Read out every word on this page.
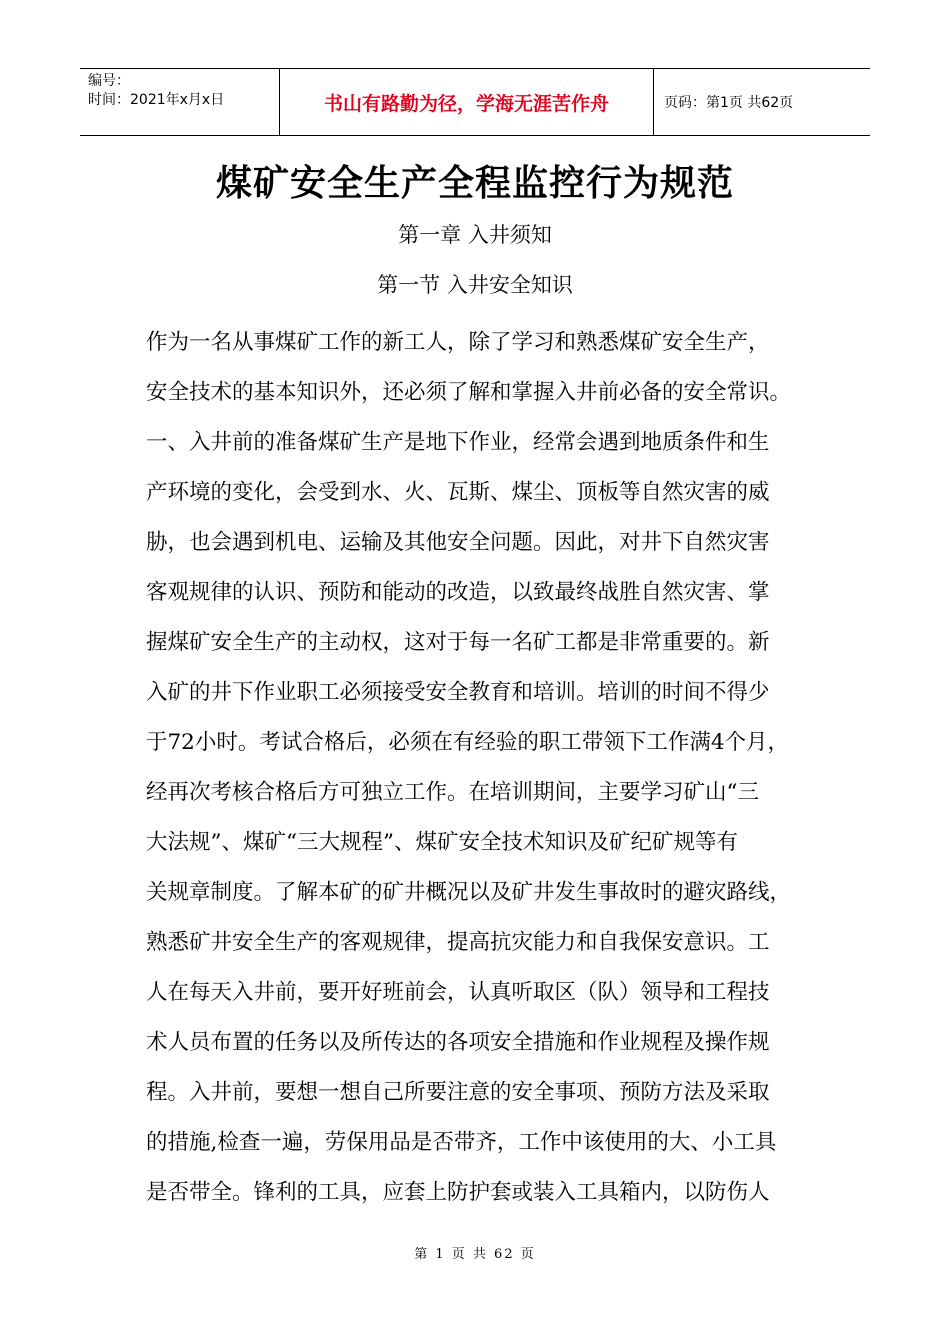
编号：
时间：2021年x月x日	书山有路勤为径，学海无涯苦作舟	页码：第1页 共62页
煤矿安全生产全程监控行为规范
第一章 入井须知
第一节 入井安全知识
作为一名从事煤矿工作的新工人，除了学习和熟悉煤矿安全生产，
安全技术的基本知识外，还必须了解和掌握入井前必备的安全常识。
一、入井前的准备煤矿生产是地下作业，经常会遇到地质条件和生
产环境的变化，会受到水、火、瓦斯、煤尘、顶板等自然灾害的威
胁，也会遇到机电、运输及其他安全问题。因此，对井下自然灾害
客观规律的认识、预防和能动的改造，以致最终战胜自然灾害、掌
握煤矿安全生产的主动权，这对于每一名矿工都是非常重要的。新
入矿的井下作业职工必须接受安全教育和培训。培训的时间不得少
于72小时。考试合格后，必须在有经验的职工带领下工作满4个月，
经再次考核合格后方可独立工作。在培训期间，主要学习矿山“三
大法规”、煤矿“三大规程”、煤矿安全技术知识及矿纪矿规等有
关规章制度。了解本矿的矿井概况以及矿井发生事故时的避灾路线，
熟悉矿井安全生产的客观规律，提高抗灾能力和自我保安意识。工
人在每天入井前，要开好班前会，认真听取区（队）领导和工程技
术人员布置的任务以及所传达的各项安全措施和作业规程及操作规
程。入井前，要想一想自己所要注意的安全事项、预防方法及采取
的措施,检查一遍，劳保用品是否带齐，工作中该使用的大、小工具
是否带全。锋利的工具，应套上防护套或装入工具箱内，以防伤人
第 1 页 共 62 页
